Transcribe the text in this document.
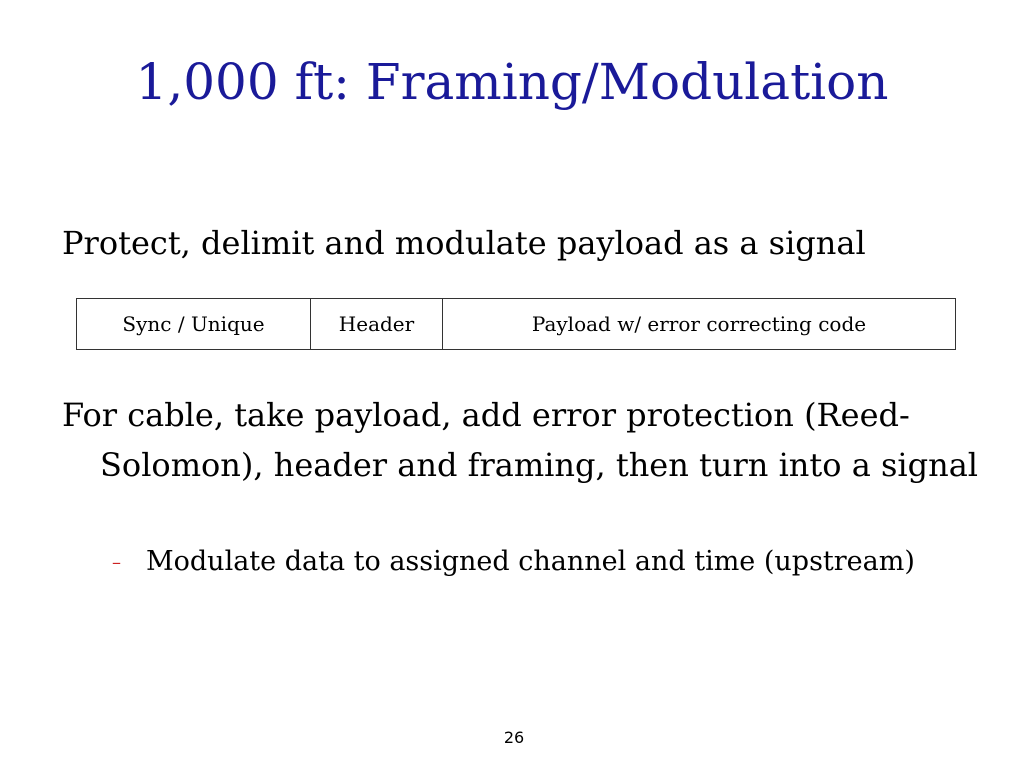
1,000 ft: Framing/Modulation

Protect, delimit and modulate payload as a signal

Sync / Unique	Header	Payload w/ error correcting code

For cable, take payload, add error protection (Reed-Solomon), header and framing, then turn into a signal

– Modulate data to assigned channel and time (upstream)

26
